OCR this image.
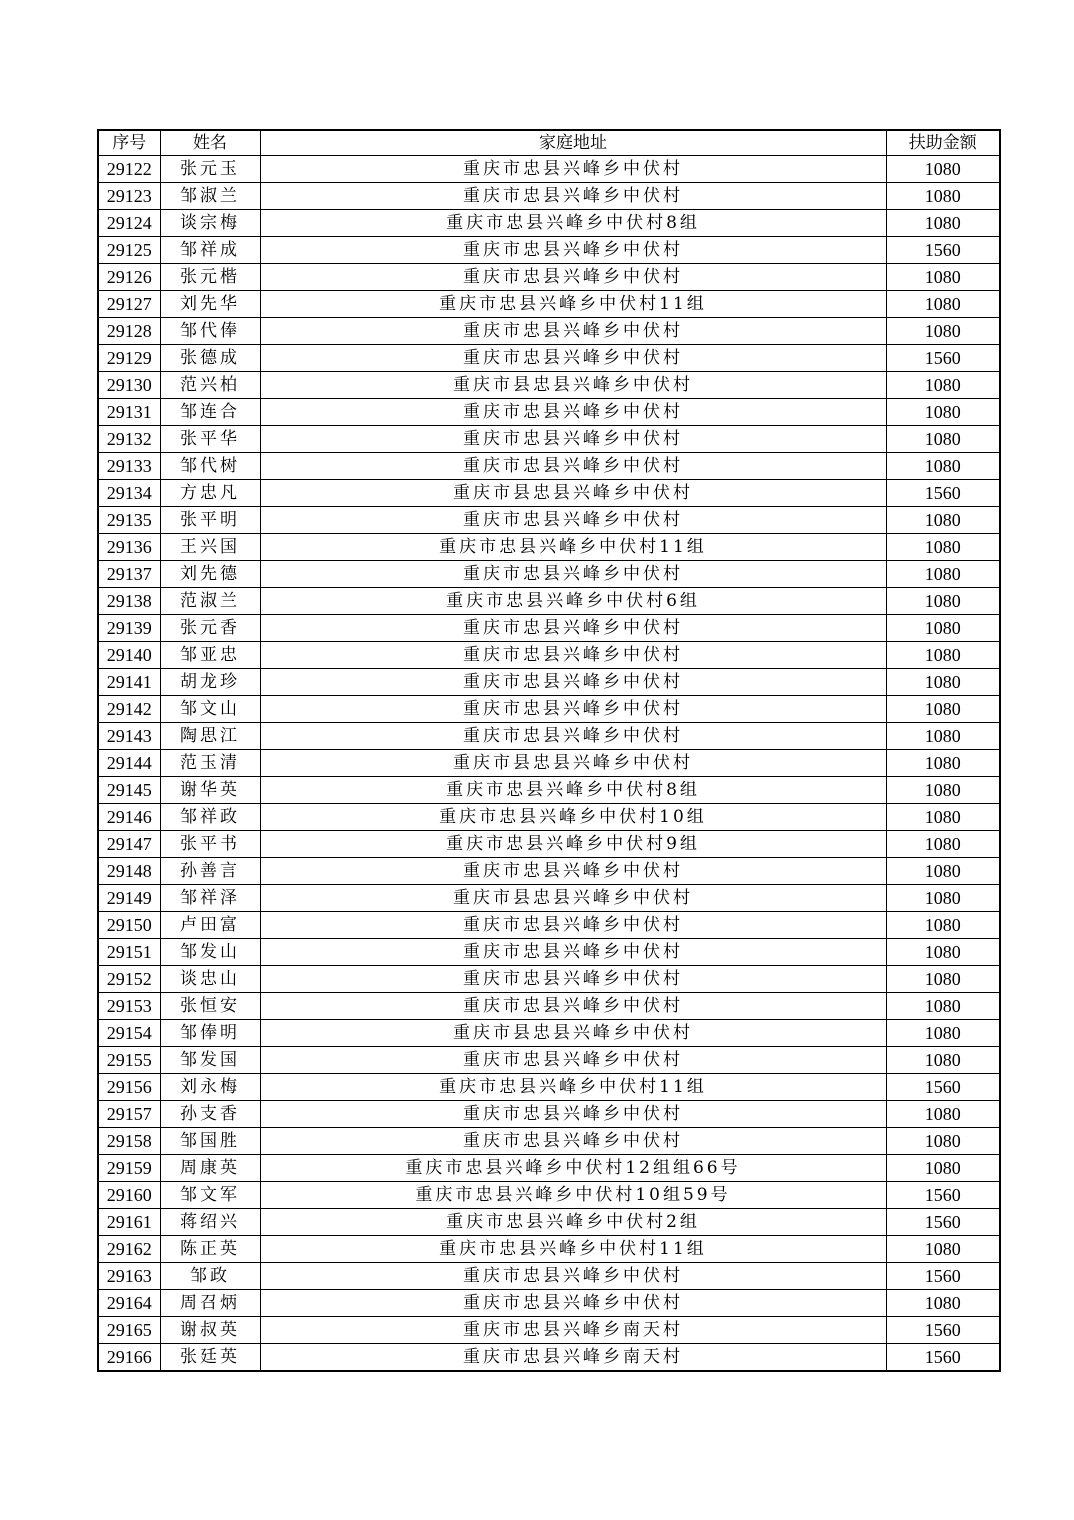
序号	姓名	家庭地址	扶助金额
29122	张元玉	重庆市忠县兴峰乡中伏村	1080
29123	邹淑兰	重庆市忠县兴峰乡中伏村	1080
29124	谈宗梅	重庆市忠县兴峰乡中伏村8组	1080
29125	邹祥成	重庆市忠县兴峰乡中伏村	1560
29126	张元楷	重庆市忠县兴峰乡中伏村	1080
29127	刘先华	重庆市忠县兴峰乡中伏村11组	1080
29128	邹代俸	重庆市忠县兴峰乡中伏村	1080
29129	张德成	重庆市忠县兴峰乡中伏村	1560
29130	范兴柏	重庆市县忠县兴峰乡中伏村	1080
29131	邹连合	重庆市忠县兴峰乡中伏村	1080
29132	张平华	重庆市忠县兴峰乡中伏村	1080
29133	邹代树	重庆市忠县兴峰乡中伏村	1080
29134	方忠凡	重庆市县忠县兴峰乡中伏村	1560
29135	张平明	重庆市忠县兴峰乡中伏村	1080
29136	王兴国	重庆市忠县兴峰乡中伏村11组	1080
29137	刘先德	重庆市忠县兴峰乡中伏村	1080
29138	范淑兰	重庆市忠县兴峰乡中伏村6组	1080
29139	张元香	重庆市忠县兴峰乡中伏村	1080
29140	邹亚忠	重庆市忠县兴峰乡中伏村	1080
29141	胡龙珍	重庆市忠县兴峰乡中伏村	1080
29142	邹文山	重庆市忠县兴峰乡中伏村	1080
29143	陶思江	重庆市忠县兴峰乡中伏村	1080
29144	范玉清	重庆市县忠县兴峰乡中伏村	1080
29145	谢华英	重庆市忠县兴峰乡中伏村8组	1080
29146	邹祥政	重庆市忠县兴峰乡中伏村10组	1080
29147	张平书	重庆市忠县兴峰乡中伏村9组	1080
29148	孙善言	重庆市忠县兴峰乡中伏村	1080
29149	邹祥泽	重庆市县忠县兴峰乡中伏村	1080
29150	卢田富	重庆市忠县兴峰乡中伏村	1080
29151	邹发山	重庆市忠县兴峰乡中伏村	1080
29152	谈忠山	重庆市忠县兴峰乡中伏村	1080
29153	张恒安	重庆市忠县兴峰乡中伏村	1080
29154	邹俸明	重庆市县忠县兴峰乡中伏村	1080
29155	邹发国	重庆市忠县兴峰乡中伏村	1080
29156	刘永梅	重庆市忠县兴峰乡中伏村11组	1560
29157	孙支香	重庆市忠县兴峰乡中伏村	1080
29158	邹国胜	重庆市忠县兴峰乡中伏村	1080
29159	周康英	重庆市忠县兴峰乡中伏村12组组66号	1080
29160	邹文军	重庆市忠县兴峰乡中伏村10组59号	1560
29161	蒋绍兴	重庆市忠县兴峰乡中伏村2组	1560
29162	陈正英	重庆市忠县兴峰乡中伏村11组	1080
29163	邹政	重庆市忠县兴峰乡中伏村	1560
29164	周召炳	重庆市忠县兴峰乡中伏村	1080
29165	谢叔英	重庆市忠县兴峰乡南天村	1560
29166	张廷英	重庆市忠县兴峰乡南天村	1560
